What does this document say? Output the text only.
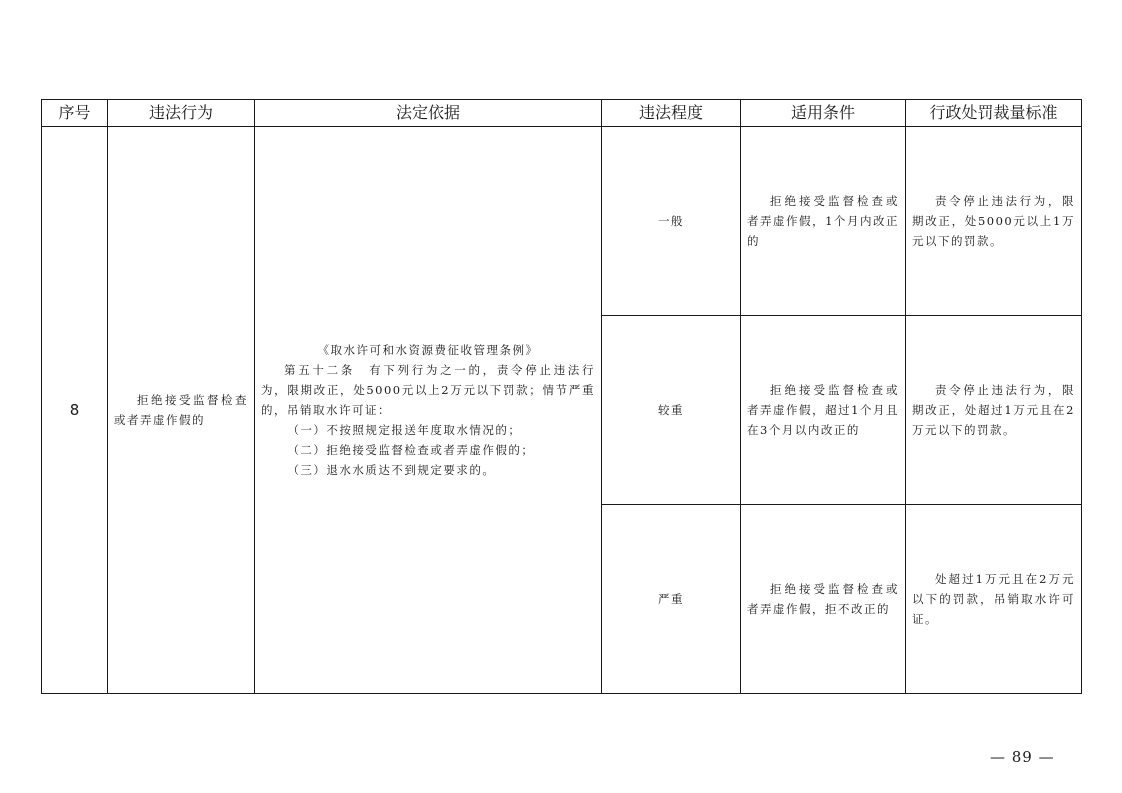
序号	违法行为	法定依据	违法程度	适用条件	行政处罚裁量标准
8	拒绝接受监督检查或者弄虚作假的	《取水许可和水资源费征收管理条例》
第五十二条　有下列行为之一的，责令停止违法行为，限期改正，处5000元以上2万元以下罚款；情节严重的，吊销取水许可证：
（一）不按照规定报送年度取水情况的；
（二）拒绝接受监督检查或者弄虚作假的；
（三）退水水质达不到规定要求的。	一般	拒绝接受监督检查或者弄虚作假，1个月内改正的	责令停止违法行为，限期改正，处5000元以上1万元以下的罚款。

			较重	拒绝接受监督检查或者弄虚作假，超过1个月且在3个月以内改正的	责令停止违法行为，限期改正，处超过1万元且在2万元以下的罚款。

			严重	拒绝接受监督检查或者弄虚作假，拒不改正的	处超过1万元且在2万元以下的罚款，吊销取水许可证。
— 89 —
